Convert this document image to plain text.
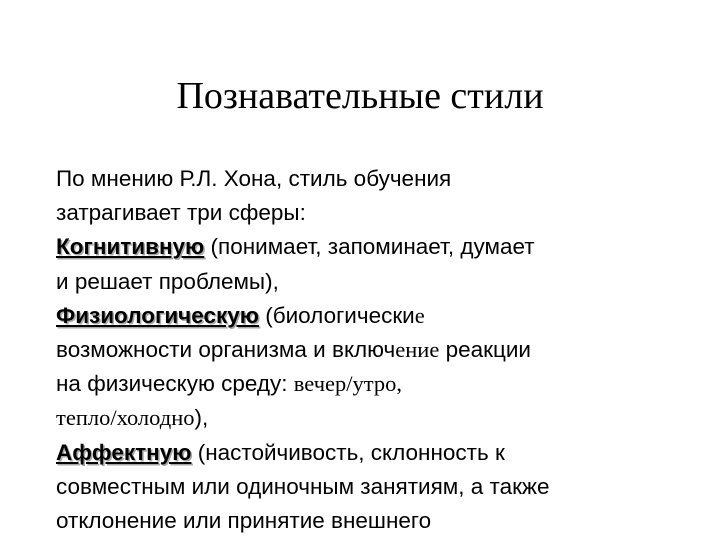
Познавательные стили
По мнению Р.Л. Хона, стиль обучения
затрагивает три сферы:
Когнитивную (понимает, запоминает, думает
и решает проблемы),
Физиологическую (биологические
возможности организма и включение реакции
на физическую среду: вечер/утро,
тепло/холодно),
Аффектную (настойчивость, склонность к
совместным или одиночным занятиям, а также
отклонение или принятие внешнего
